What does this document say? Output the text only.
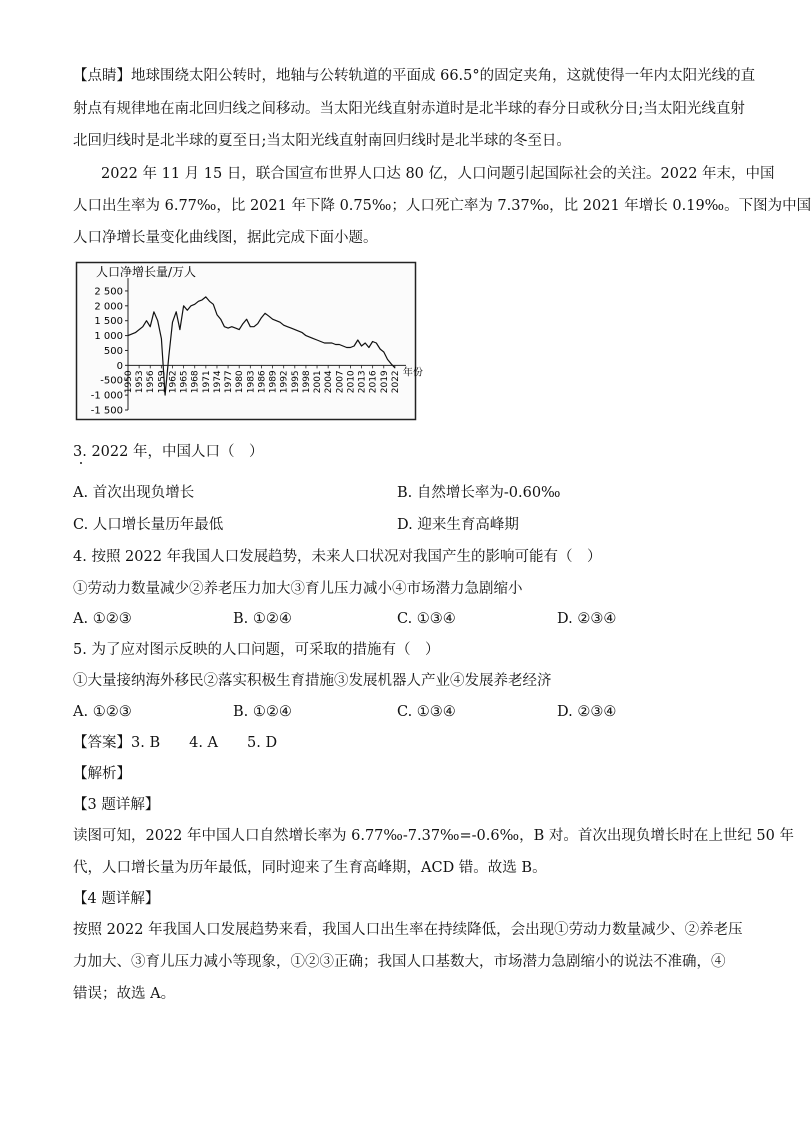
【点睛】地球围绕太阳公转时，地轴与公转轨道的平面成 66.5°的固定夹角，这就使得一年内太阳光线的直
射点有规律地在南北回归线之间移动。当太阳光线直射赤道时是北半球的春分日或秋分日;当太阳光线直射
北回归线时是北半球的夏至日;当太阳光线直射南回归线时是北半球的冬至日。
2022 年 11 月 15 日，联合国宣布世界人口达 80 亿，人口问题引起国际社会的关注。2022 年末，中国
人口出生率为 6.77‰，比 2021 年下降 0.75‰；人口死亡率为 7.37‰，比 2021 年增长 0.19‰。下图为中国
人口净增长量变化曲线图，据此完成下面小题。
人口净增长量/万人
2 500
2 000
1 500
1 000
500
0
-500
-1 000
-1 500
1950 1953 1956 1959 1962 1965 1968 1971 1974 1977 1980 1983 1986 1989 1992 1995 1998 2001 2004 2007 2010 2013 2016 2019 2022 年份
3. 2022 年，中国人口（　）
A. 首次出现负增长	B. 自然增长率为-0.60‰
C. 人口增长量历年最低	D. 迎来生育高峰期
4. 按照 2022 年我国人口发展趋势，未来人口状况对我国产生的影响可能有（　）
①劳动力数量减少②养老压力加大③育儿压力减小④市场潜力急剧缩小
A. ①②③	B. ①②④	C. ①③④	D. ②③④
5. 为了应对图示反映的人口问题，可采取的措施有（　）
①大量接纳海外移民②落实积极生育措施③发展机器人产业④发展养老经济
A. ①②③	B. ①②④	C. ①③④	D. ②③④
【答案】3. B　　4. A　　5. D
【解析】
【3 题详解】
读图可知，2022 年中国人口自然增长率为 6.77‰-7.37‰=-0.6‰，B 对。首次出现负增长时在上世纪 50 年
代，人口增长量为历年最低，同时迎来了生育高峰期，ACD 错。故选 B。
【4 题详解】
按照 2022 年我国人口发展趋势来看，我国人口出生率在持续降低，会出现①劳动力数量减少、②养老压
力加大、③育儿压力减小等现象，①②③正确；我国人口基数大，市场潜力急剧缩小的说法不准确，④
错误；故选 A。
